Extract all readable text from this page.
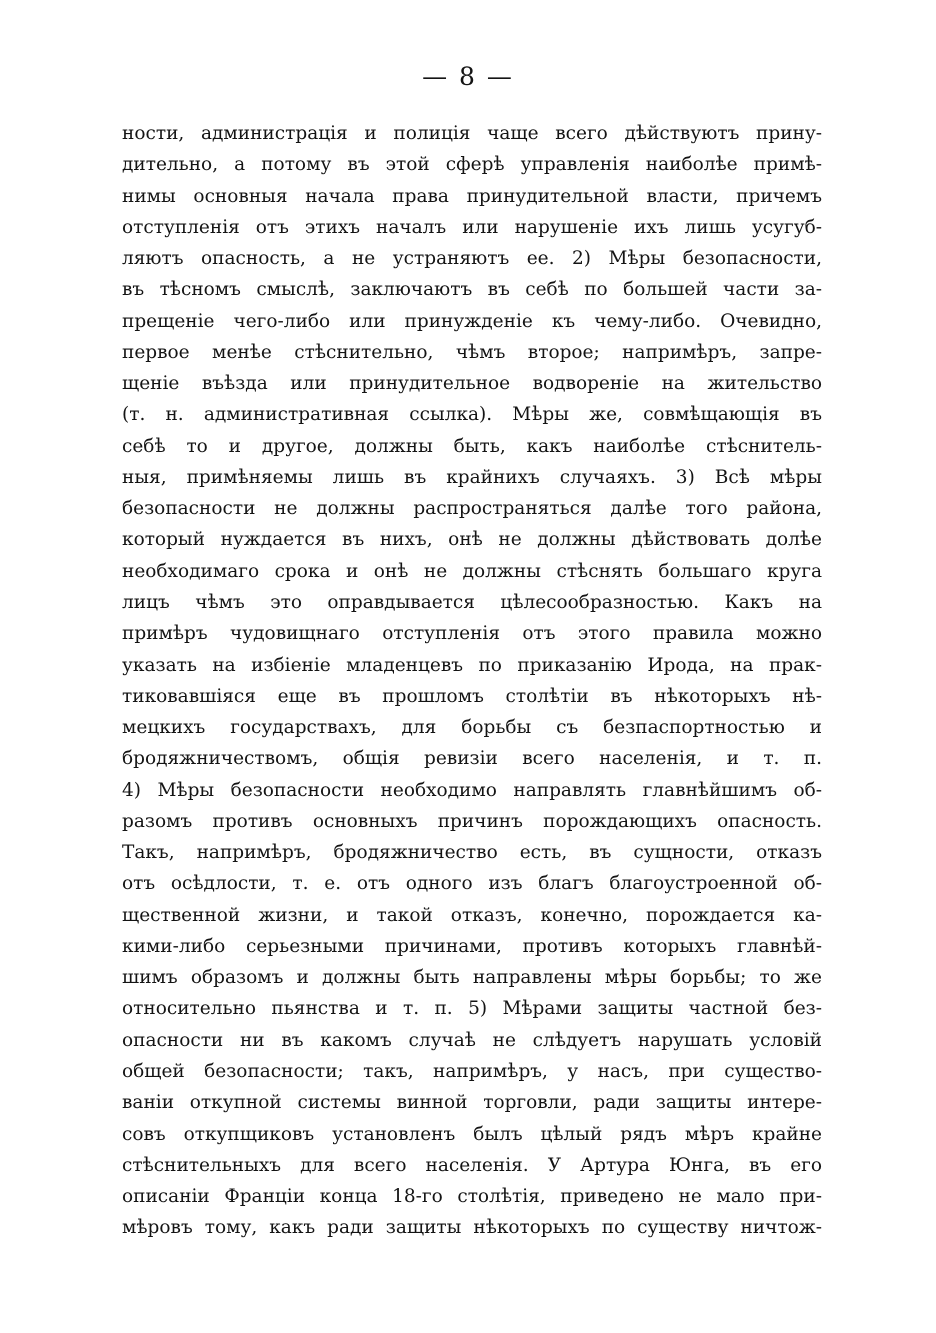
— 8 —
ности, администрація и полиція чаще всего дѣйствуютъ прину-
дительно, а потому въ этой сферѣ управленія наиболѣе примѣ-
нимы основныя начала права принудительной власти, причемъ
отступленія отъ этихъ началъ или нарушеніе ихъ лишь усугуб-
ляютъ опасность, а не устраняютъ ее. 2) Мѣры безопасности,
въ тѣсномъ смыслѣ, заключаютъ въ себѣ по большей части за-
прещеніе чего-либо или принужденіе къ чему-либо. Очевидно,
первое менѣе стѣснительно, чѣмъ второе; напримѣръ, запре-
щеніе въѣзда или принудительное водвореніе на жительство
(т. н. административная ссылка). Мѣры же, совмѣщающія въ
себѣ то и другое, должны быть, какъ наиболѣе стѣснитель-
ныя, примѣняемы лишь въ крайнихъ случаяхъ. 3) Всѣ мѣры
безопасности не должны распространяться далѣе того района,
который нуждается въ нихъ, онѣ не должны дѣйствовать долѣе
необходимаго срока и онѣ не должны стѣснять большаго круга
лицъ чѣмъ это оправдывается цѣлесообразностью. Какъ на
примѣръ чудовищнаго отступленія отъ этого правила можно
указать на избіеніе младенцевъ по приказанію Ирода, на прак-
тиковавшіяся еще въ прошломъ столѣтіи въ нѣкоторыхъ нѣ-
мецкихъ государствахъ, для борьбы съ безпаспортностью и
бродяжничествомъ, общія ревизіи всего населенія, и т. п.
4) Мѣры безопасности необходимо направлять главнѣйшимъ об-
разомъ противъ основныхъ причинъ порождающихъ опасность.
Такъ, напримѣръ, бродяжничество есть, въ сущности, отказъ
отъ осѣдлости, т. е. отъ одного изъ благъ благоустроенной об-
щественной жизни, и такой отказъ, конечно, порождается ка-
кими-либо серьезными причинами, противъ которыхъ главнѣй-
шимъ образомъ и должны быть направлены мѣры борьбы; то же
относительно пьянства и т. п. 5) Мѣрами защиты частной без-
опасности ни въ какомъ случаѣ не слѣдуетъ нарушать условій
общей безопасности; такъ, напримѣръ, у насъ, при существо-
ваніи откупной системы винной торговли, ради защиты интере-
совъ откупщиковъ установленъ былъ цѣлый рядъ мѣръ крайне
стѣснительныхъ для всего населенія. У Артура Юнга, въ его
описаніи Франціи конца 18-го столѣтія, приведено не мало при-
мѣровъ тому, какъ ради защиты нѣкоторыхъ по существу ничтож-
